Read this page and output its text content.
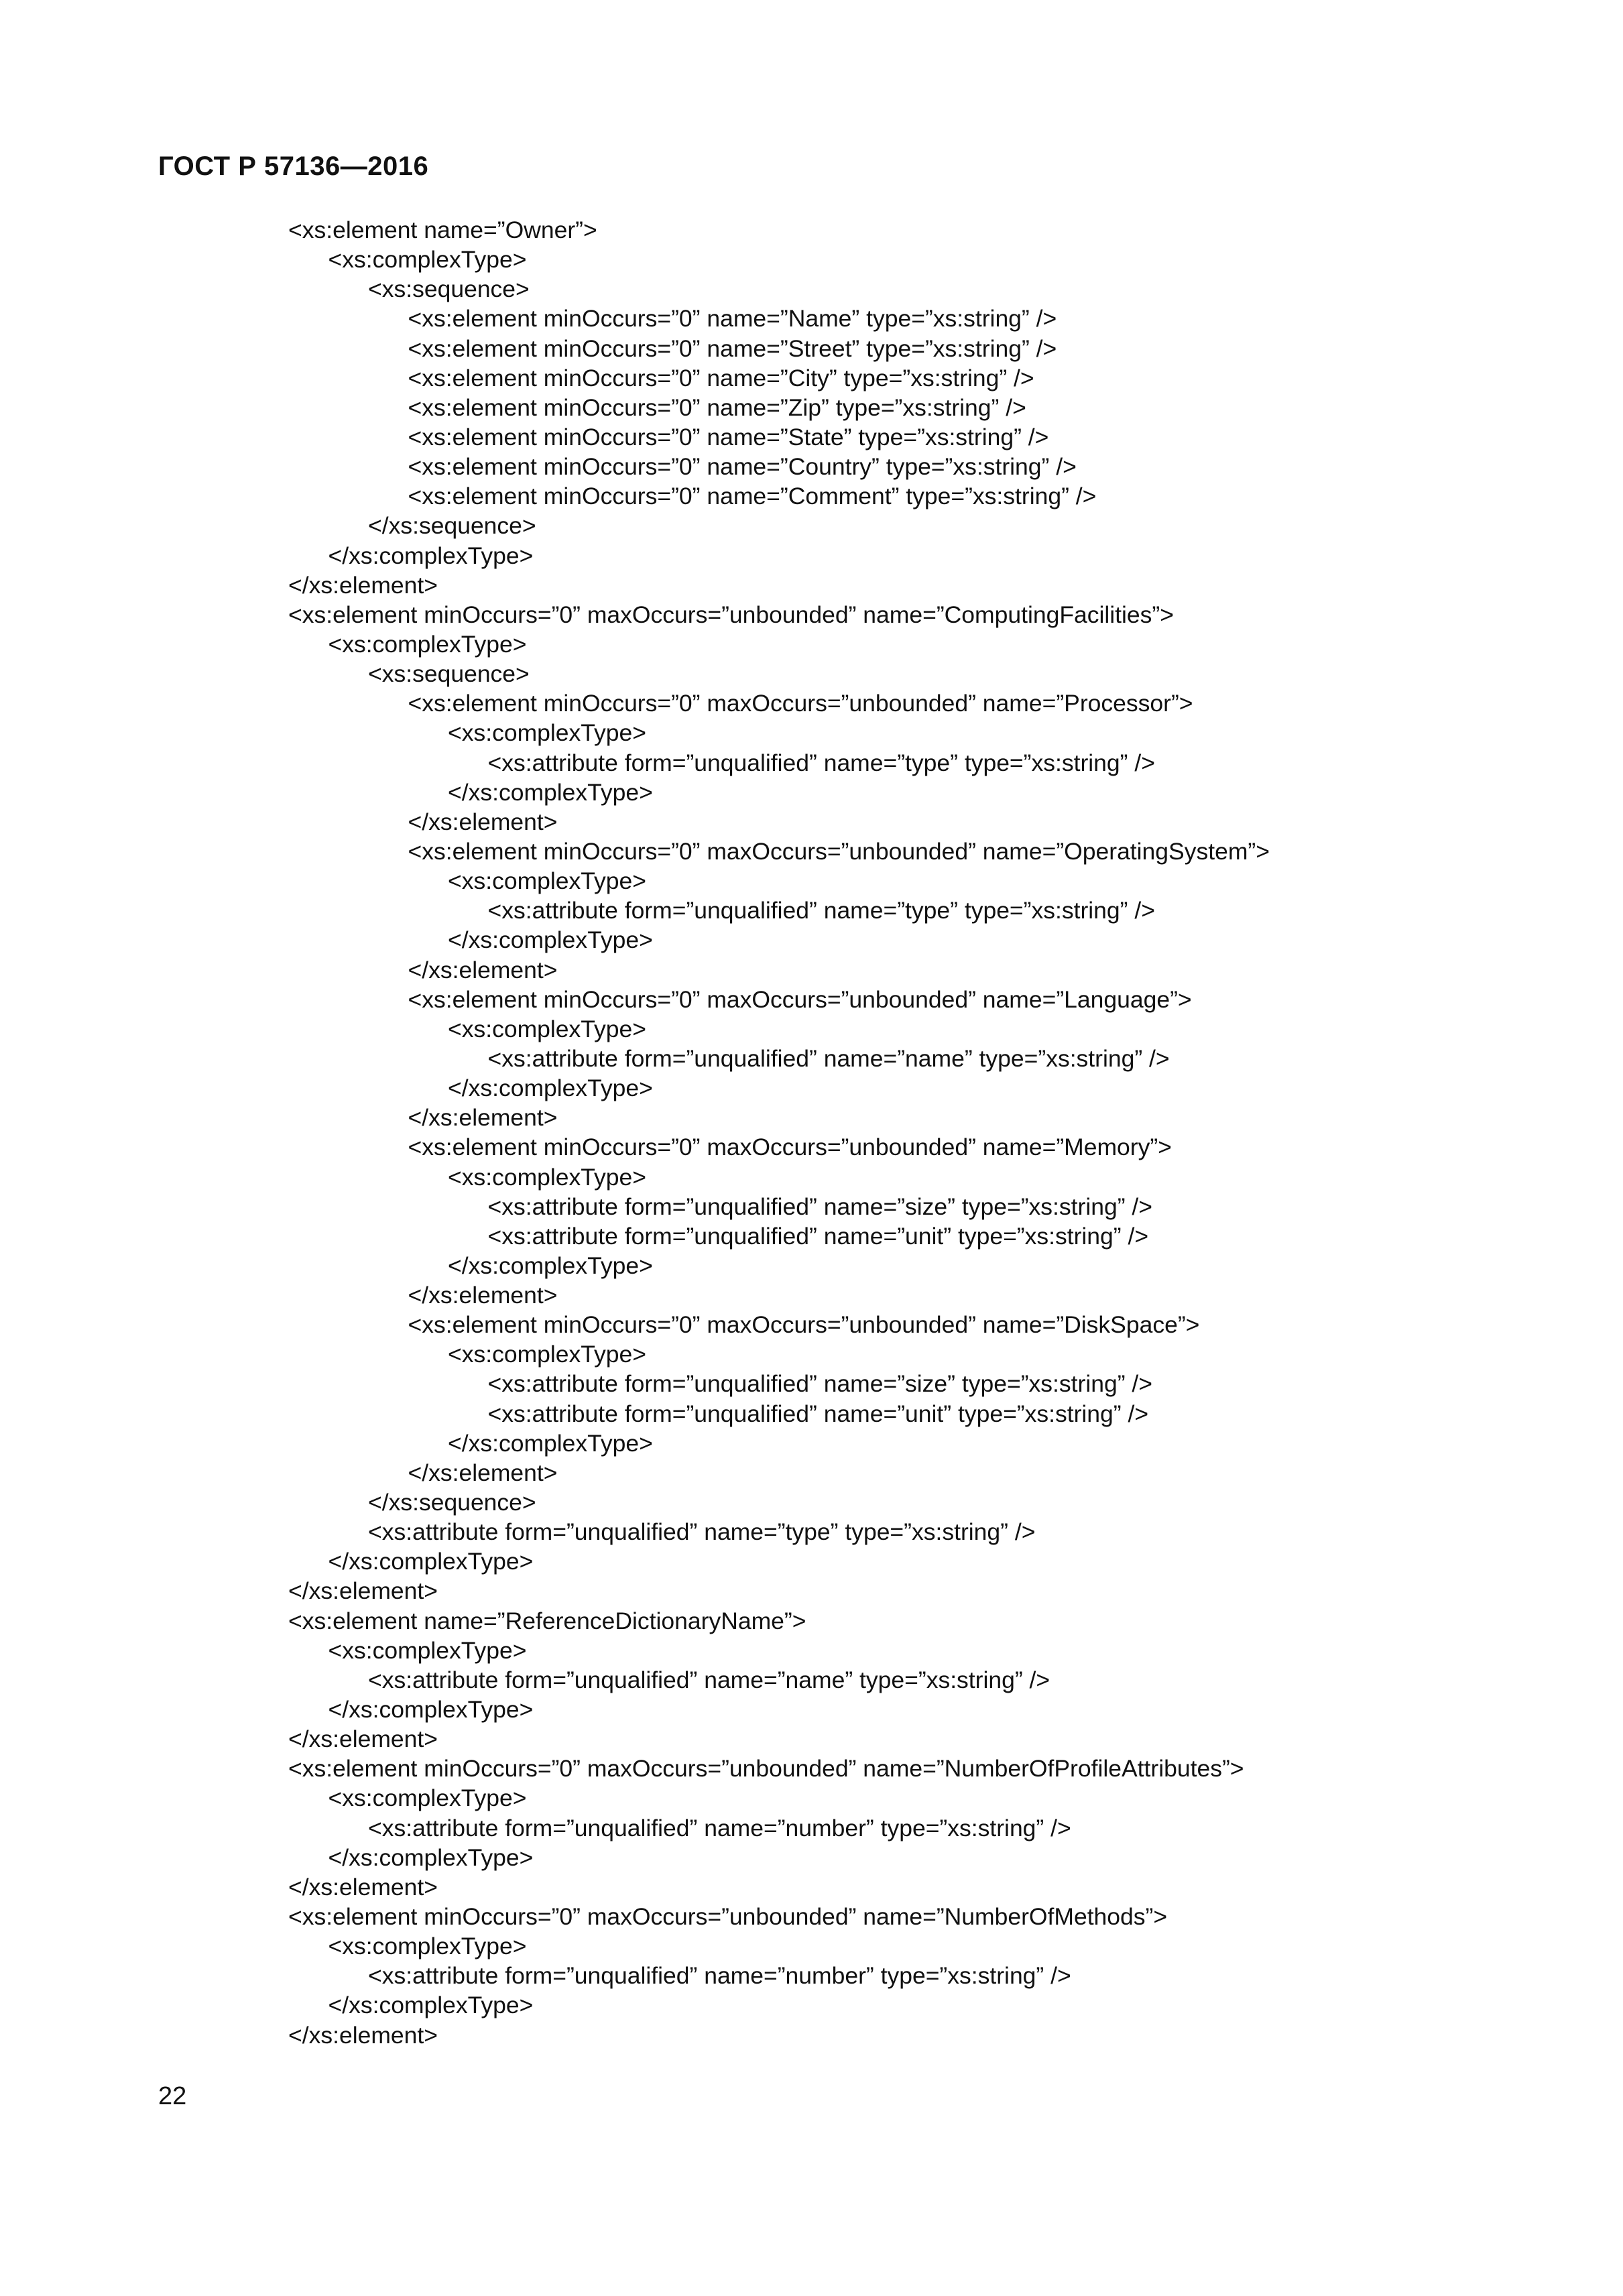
ГОСТ Р 57136—2016
<xs:element name=”Owner”>
<xs:complexType>
<xs:sequence>
<xs:element minOccurs=”0” name=”Name” type=”xs:string” />
<xs:element minOccurs=”0” name=”Street” type=”xs:string” />
<xs:element minOccurs=”0” name=”City” type=”xs:string” />
<xs:element minOccurs=”0” name=”Zip” type=”xs:string” />
<xs:element minOccurs=”0” name=”State” type=”xs:string” />
<xs:element minOccurs=”0” name=”Country” type=”xs:string” />
<xs:element minOccurs=”0” name=”Comment” type=”xs:string” />
</xs:sequence>
</xs:complexType>
</xs:element>
<xs:element minOccurs=”0” maxOccurs=”unbounded” name=”ComputingFacilities”>
<xs:complexType>
<xs:sequence>
<xs:element minOccurs=”0” maxOccurs=”unbounded” name=”Processor”>
<xs:complexType>
<xs:attribute form=”unqualified” name=”type” type=”xs:string” />
</xs:complexType>
</xs:element>
<xs:element minOccurs=”0” maxOccurs=”unbounded” name=”OperatingSystem”>
<xs:complexType>
<xs:attribute form=”unqualified” name=”type” type=”xs:string” />
</xs:complexType>
</xs:element>
<xs:element minOccurs=”0” maxOccurs=”unbounded” name=”Language”>
<xs:complexType>
<xs:attribute form=”unqualified” name=”name” type=”xs:string” />
</xs:complexType>
</xs:element>
<xs:element minOccurs=”0” maxOccurs=”unbounded” name=”Memory”>
<xs:complexType>
<xs:attribute form=”unqualified” name=”size” type=”xs:string” />
<xs:attribute form=”unqualified” name=”unit” type=”xs:string” />
</xs:complexType>
</xs:element>
<xs:element minOccurs=”0” maxOccurs=”unbounded” name=”DiskSpace”>
<xs:complexType>
<xs:attribute form=”unqualified” name=”size” type=”xs:string” />
<xs:attribute form=”unqualified” name=”unit” type=”xs:string” />
</xs:complexType>
</xs:element>
</xs:sequence>
<xs:attribute form=”unqualified” name=”type” type=”xs:string” />
</xs:complexType>
</xs:element>
<xs:element name=”ReferenceDictionaryName”>
<xs:complexType>
<xs:attribute form=”unqualified” name=”name” type=”xs:string” />
</xs:complexType>
</xs:element>
<xs:element minOccurs=”0” maxOccurs=”unbounded” name=”NumberOfProfileAttributes”>
<xs:complexType>
<xs:attribute form=”unqualified” name=”number” type=”xs:string” />
</xs:complexType>
</xs:element>
<xs:element minOccurs=”0” maxOccurs=”unbounded” name=”NumberOfMethods”>
<xs:complexType>
<xs:attribute form=”unqualified” name=”number” type=”xs:string” />
</xs:complexType>
</xs:element>
22
